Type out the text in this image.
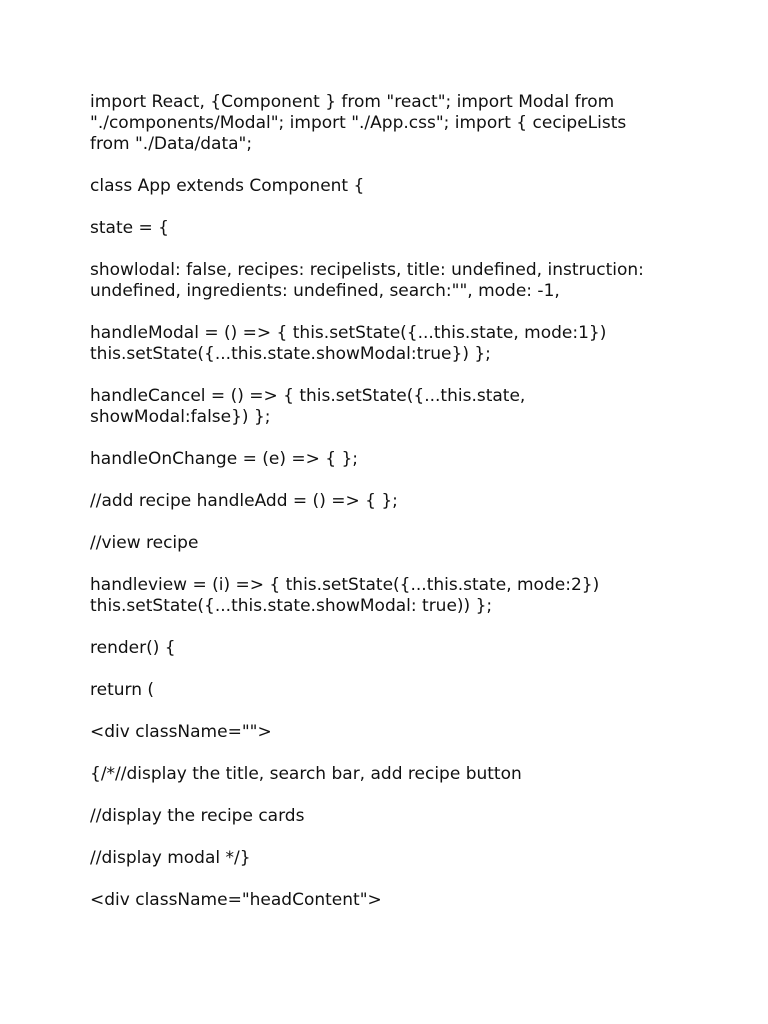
import React, {Component } from "react"; import Modal from
"./components/Modal"; import "./App.css"; import { cecipeLists
from "./Data/data";

class App extends Component {

state = {

showlodal: false, recipes: recipelists, title: undefined, instruction:
undefined, ingredients: undefined, search:"", mode: -1,

handleModal = () => { this.setState({...this.state, mode:1})
this.setState({...this.state.showModal:true}) };

handleCancel = () => { this.setState({...this.state,
showModal:false}) };

handleOnChange = (e) => { };

//add recipe handleAdd = () => { };

//view recipe

handleview = (i) => { this.setState({...this.state, mode:2})
this.setState({...this.state.showModal: true)) };

render() {

return (

<div className="">

{/*//display the title, search bar, add recipe button

//display the recipe cards

//display modal */}

<div className="headContent">
